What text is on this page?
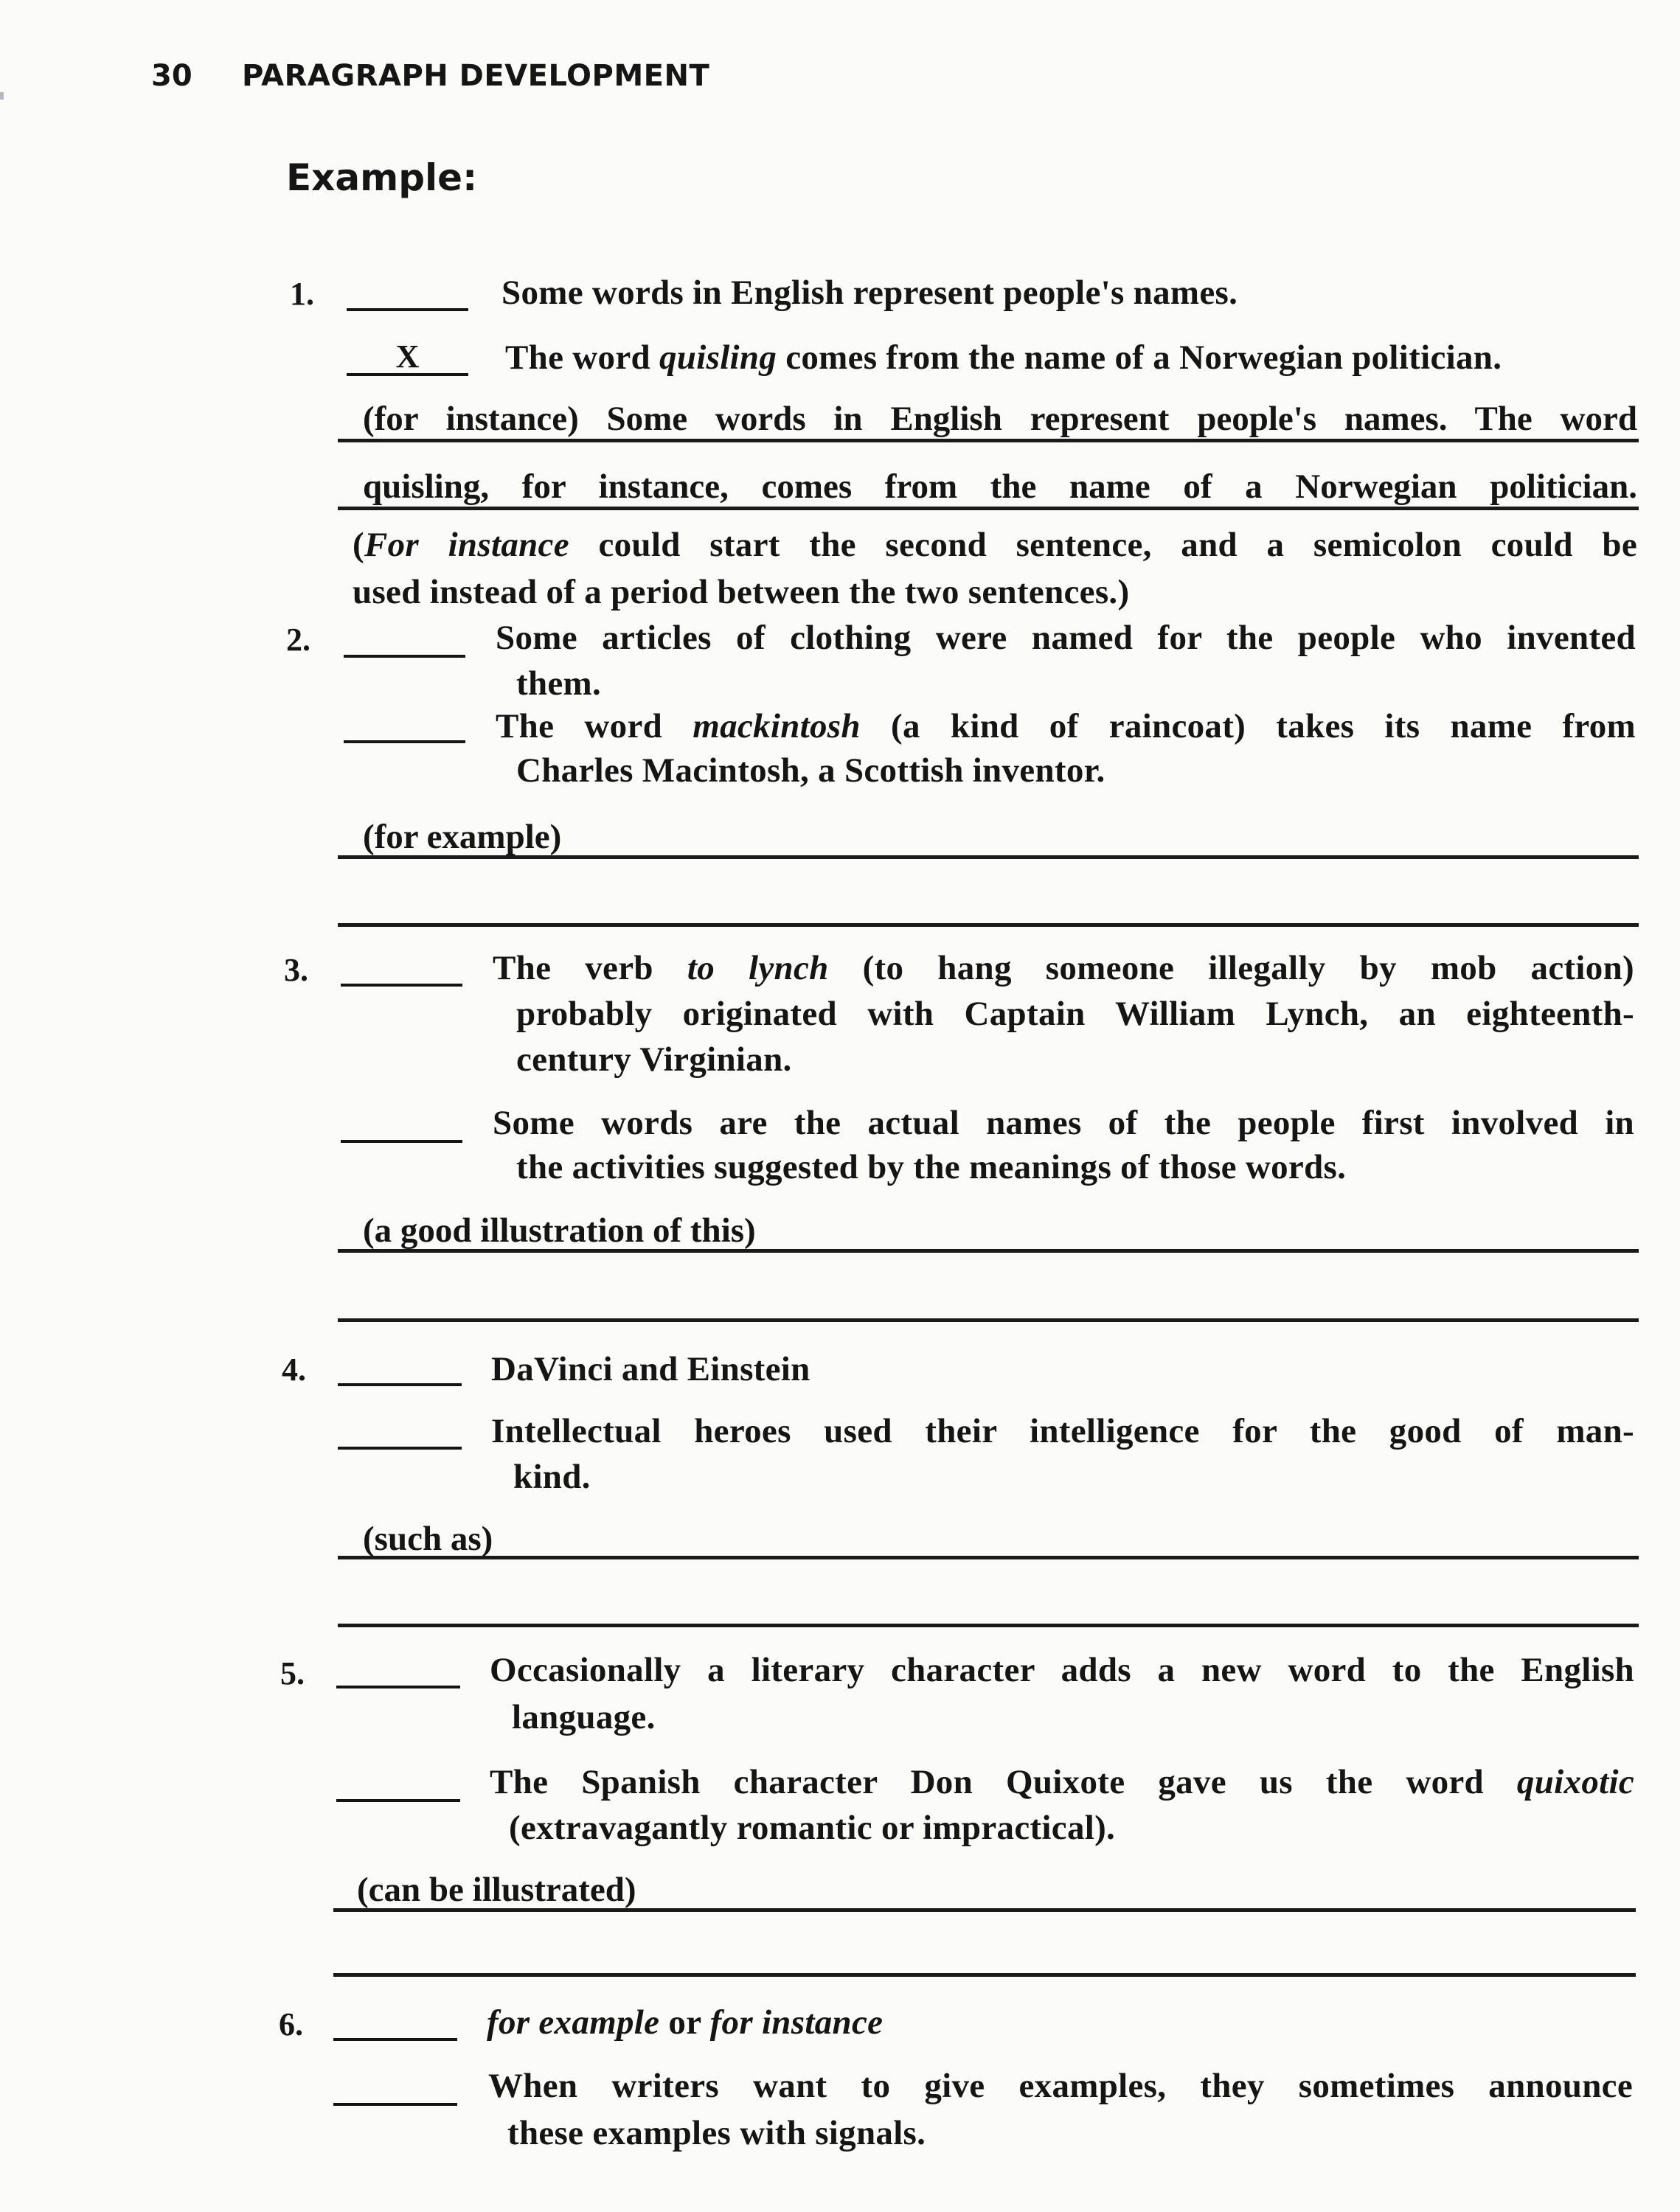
30 PARAGRAPH DEVELOPMENT
Example:
1.	Some words in English represent people's names.
X	The word quisling comes from the name of a Norwegian politician.
(for instance) Some words in English represent people's names. The word
quisling, for instance, comes from the name of a Norwegian politician.
(For instance could start the second sentence, and a semicolon could be
used instead of a period between the two sentences.)
2.	Some articles of clothing were named for the people who invented
them.
The word mackintosh (a kind of raincoat) takes its name from
Charles Macintosh, a Scottish inventor.
(for example)
3.	The verb to lynch (to hang someone illegally by mob action)
probably originated with Captain William Lynch, an eighteenth-
century Virginian.
Some words are the actual names of the people first involved in
the activities suggested by the meanings of those words.
(a good illustration of this)
4.	DaVinci and Einstein
Intellectual heroes used their intelligence for the good of man-
kind.
(such as)
5.	Occasionally a literary character adds a new word to the English
language.
The Spanish character Don Quixote gave us the word quixotic
(extravagantly romantic or impractical).
(can be illustrated)
6.	for example or for instance
When writers want to give examples, they sometimes announce
these examples with signals.
